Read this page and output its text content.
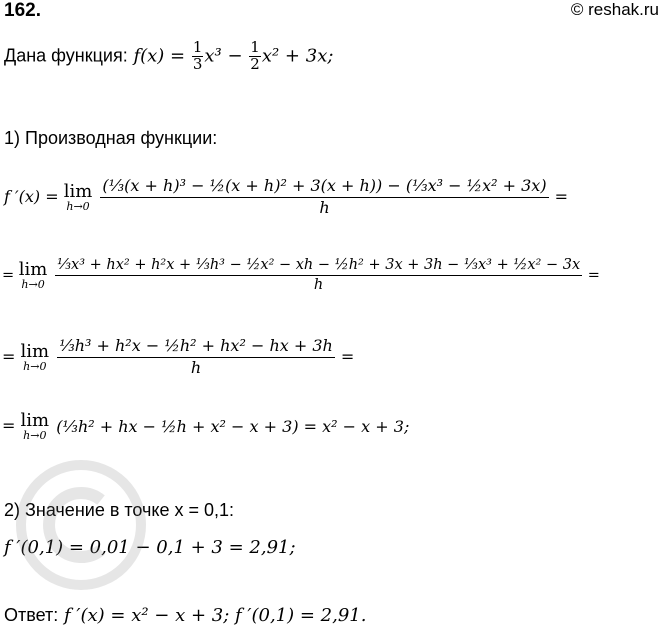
162.	© reshak.ru
Дана функция: $f(x) = \frac{1}{3} x^3 - \frac{1}{2} x^2 + 3x$;
1) Производная функции:
f ′(x) = lim
h→0
$\frac{\text{(⅓(x + h)³ − ½(x + h)² + 3(x + h)) − (⅓x³ − ½x² + 3x)}}{h}$ =
= lim
h→0

⅓x³ + hx² + h²x + ⅓h³ − ½x² − xh − ½h² + 3x + 3h − ⅓x³ + ½x² − 3x
h
=
= lim
h→0
$\frac{\text{⅓h³ + h²x − ½h² + hx² − hx + 3h}}{h}$ =
= lim
h→0 (⅓h² + hx − ½h + x² − x + 3) = x² − x + 3;
2) Значение в точке x = 0,1:
f ′(0,1) = 0,01 − 0,1 + 3 = 2,91;
Ответ: f ′(x) = x² − x + 3; f ′(0,1) = 2,91.
